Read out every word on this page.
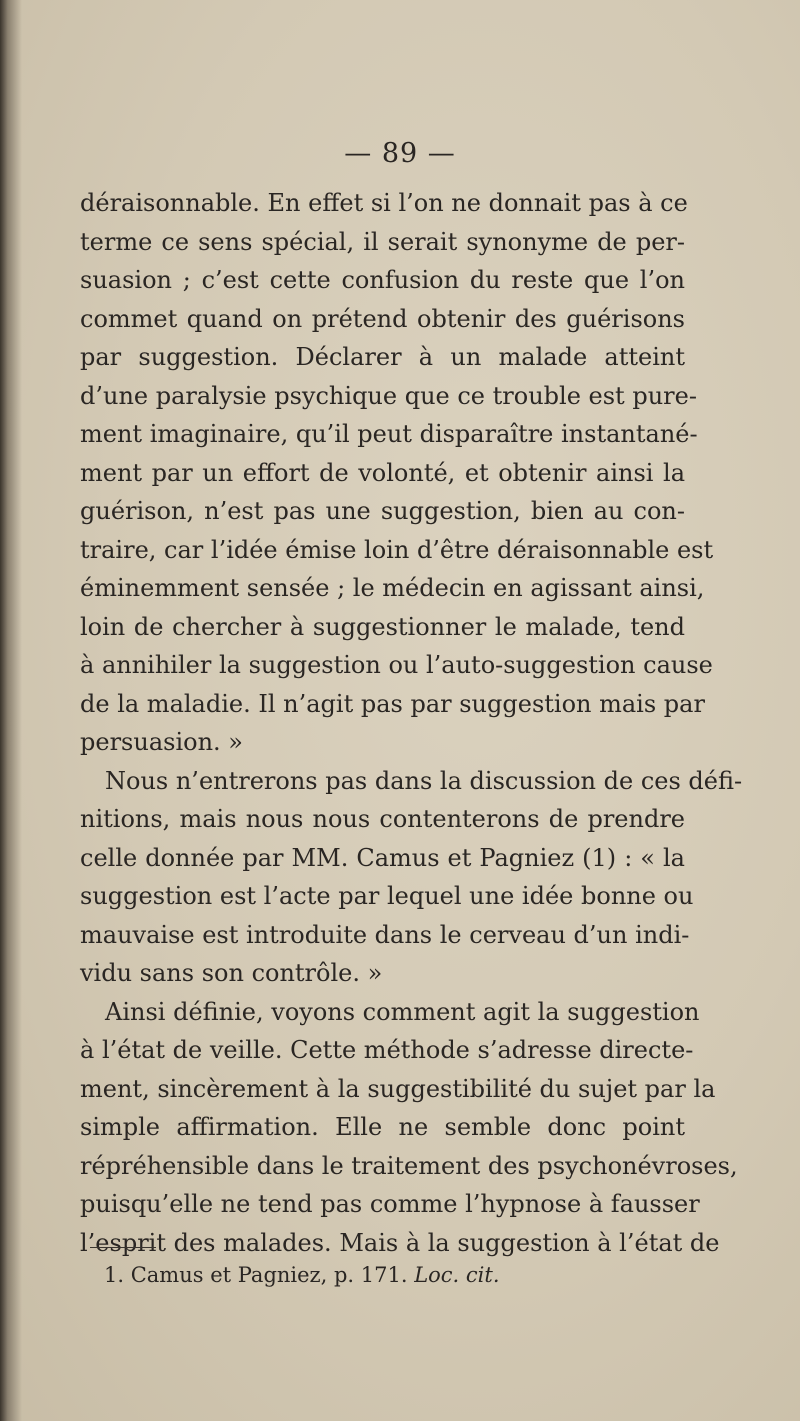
— 89 —
déraisonnable. En effet si l’on ne donnait pas à ce
terme ce sens spécial, il serait synonyme de per-
suasion ; c’est cette confusion du reste que l’on
commet quand on prétend obtenir des guérisons
par suggestion. Déclarer à un malade atteint
d’une paralysie psychique que ce trouble est pure-
ment imaginaire, qu’il peut disparaître instantané-
ment par un effort de volonté, et obtenir ainsi la
guérison, n’est pas une suggestion, bien au con-
traire, car l’idée émise loin d’être déraisonnable est
éminemment sensée ; le médecin en agissant ainsi,
loin de chercher à suggestionner le malade, tend
à annihiler la suggestion ou l’auto-suggestion cause
de la maladie. Il n’agit pas par suggestion mais par
persuasion. »
Nous n’entrerons pas dans la discussion de ces défi-
nitions, mais nous nous contenterons de prendre
celle donnée par MM. Camus et Pagniez (1) : « la
suggestion est l’acte par lequel une idée bonne ou
mauvaise est introduite dans le cerveau d’un indi-
vidu sans son contrôle. »
Ainsi définie, voyons comment agit la suggestion
à l’état de veille. Cette méthode s’adresse directe-
ment, sincèrement à la suggestibilité du sujet par la
simple affirmation. Elle ne semble donc point
répréhensible dans le traitement des psychonévroses,
puisqu’elle ne tend pas comme l’hypnose à fausser
l’esprit des malades. Mais à la suggestion à l’état de
1. Camus et Pagniez, p. 171. Loc. cit.
